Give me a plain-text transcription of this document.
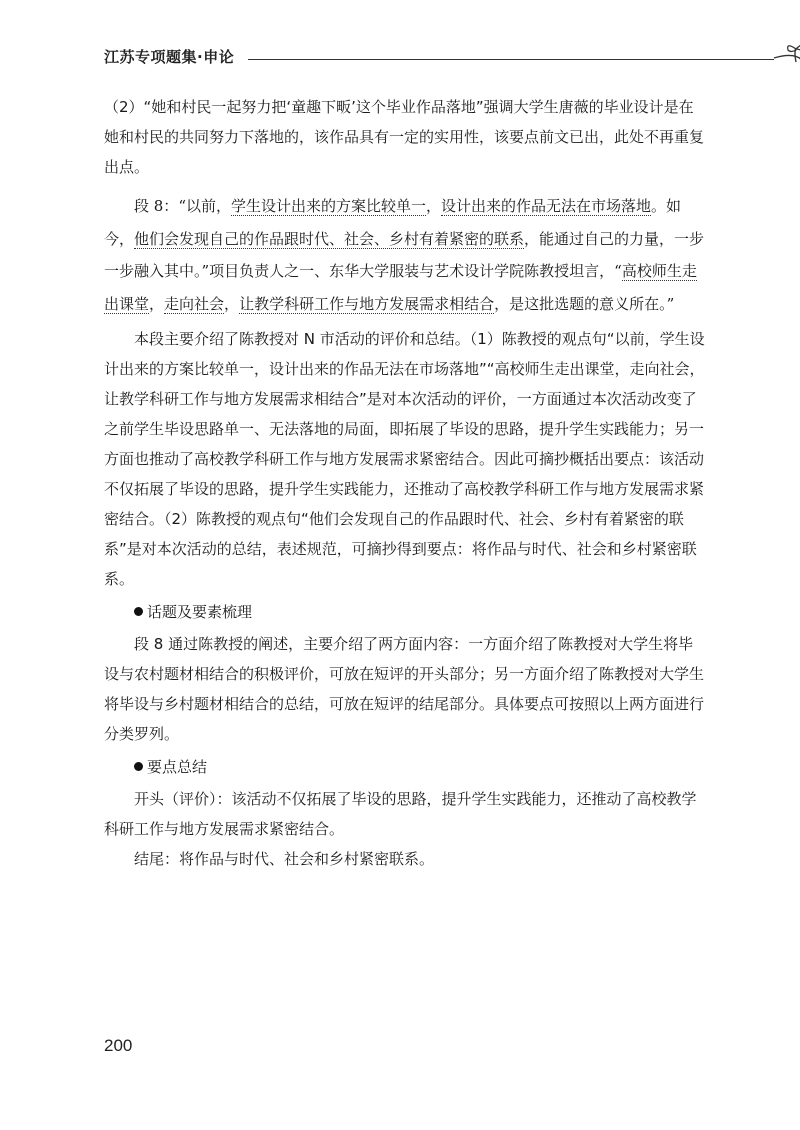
江苏专项题集·申论

（2）“她和村民一起努力把‘童趣下畈’这个毕业作品落地”强调大学生唐薇的毕业设计是在她和村民的共同努力下落地的，该作品具有一定的实用性，该要点前文已出，此处不再重复出点。

段 8：“以前，学生设计出来的方案比较单一，设计出来的作品无法在市场落地。如今，他们会发现自己的作品跟时代、社会、乡村有着紧密的联系，能通过自己的力量，一步一步融入其中。”项目负责人之一、东华大学服装与艺术设计学院陈教授坦言，“高校师生走出课堂，走向社会，让教学科研工作与地方发展需求相结合，是这批选题的意义所在。”

本段主要介绍了陈教授对 N 市活动的评价和总结。（1）陈教授的观点句“以前，学生设计出来的方案比较单一，设计出来的作品无法在市场落地”“高校师生走出课堂，走向社会，让教学科研工作与地方发展需求相结合”是对本次活动的评价，一方面通过本次活动改变了之前学生毕设思路单一、无法落地的局面，即拓展了毕设的思路，提升学生实践能力；另一方面也推动了高校教学科研工作与地方发展需求紧密结合。因此可摘抄概括出要点：该活动不仅拓展了毕设的思路，提升学生实践能力，还推动了高校教学科研工作与地方发展需求紧密结合。（2）陈教授的观点句“他们会发现自己的作品跟时代、社会、乡村有着紧密的联系”是对本次活动的总结，表述规范，可摘抄得到要点：将作品与时代、社会和乡村紧密联系。

话题及要素梳理

段 8 通过陈教授的阐述，主要介绍了两方面内容：一方面介绍了陈教授对大学生将毕设与农村题材相结合的积极评价，可放在短评的开头部分；另一方面介绍了陈教授对大学生将毕设与乡村题材相结合的总结，可放在短评的结尾部分。具体要点可按照以上两方面进行分类罗列。

要点总结

开头（评价）：该活动不仅拓展了毕设的思路，提升学生实践能力，还推动了高校教学科研工作与地方发展需求紧密结合。

结尾：将作品与时代、社会和乡村紧密联系。

200
